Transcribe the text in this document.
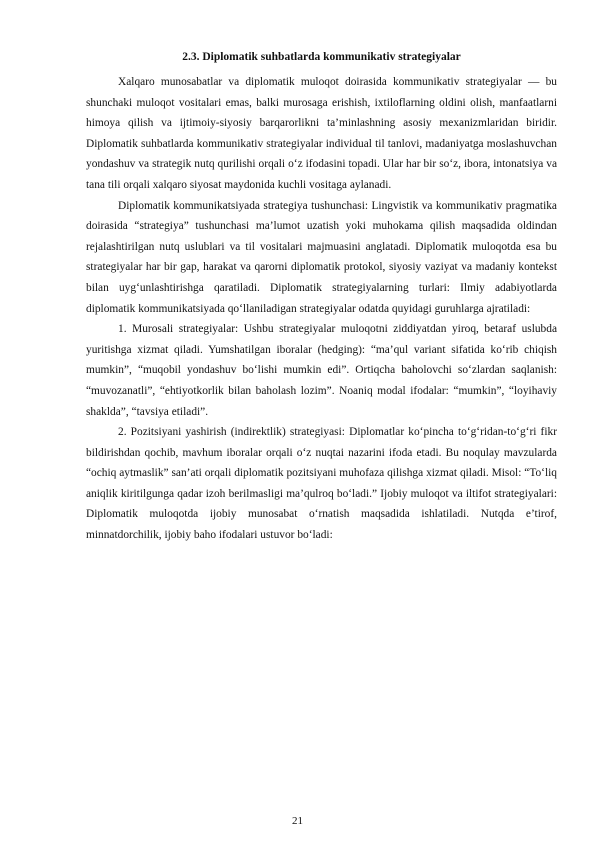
2.3. Diplomatik suhbatlarda kommunikativ strategiyalar

Xalqaro munosabatlar va diplomatik muloqot doirasida kommunikativ strategiyalar — bu shunchaki muloqot vositalari emas, balki murosaga erishish, ixtiloflarning oldini olish, manfaatlarni himoya qilish va ijtimoiy-siyosiy barqarorlikni ta’minlashning asosiy mexanizmlaridan biridir. Diplomatik suhbatlarda kommunikativ strategiyalar individual til tanlovi, madaniyatga moslashuvchan yondashuv va strategik nutq qurilishi orqali o‘z ifodasini topadi. Ular har bir so‘z, ibora, intonatsiya va tana tili orqali xalqaro siyosat maydonida kuchli vositaga aylanadi.

Diplomatik kommunikatsiyada strategiya tushunchasi: Lingvistik va kommunikativ pragmatika doirasida “strategiya” tushunchasi ma’lumot uzatish yoki muhokama qilish maqsadida oldindan rejalashtirilgan nutq uslublari va til vositalari majmuasini anglatadi. Diplomatik muloqotda esa bu strategiyalar har bir gap, harakat va qarorni diplomatik protokol, siyosiy vaziyat va madaniy kontekst bilan uyg‘unlashtirishga qaratiladi. Diplomatik strategiyalarning turlari: Ilmiy adabiyotlarda diplomatik kommunikatsiyada qo‘llaniladigan strategiyalar odatda quyidagi guruhlarga ajratiladi:

1. Murosali strategiyalar: Ushbu strategiyalar muloqotni ziddiyatdan yiroq, betaraf uslubda yuritishga xizmat qiladi. Yumshatilgan iboralar (hedging): “ma’qul variant sifatida ko‘rib chiqish mumkin”, “muqobil yondashuv bo‘lishi mumkin edi”. Ortiqcha baholovchi so‘zlardan saqlanish: “muvozanatli”, “ehtiyotkorlik bilan baholash lozim”. Noaniq modal ifodalar: “mumkin”, “loyihaviy shaklda”, “tavsiya etiladi”.

2. Pozitsiyani yashirish (indirektlik) strategiyasi: Diplomatlar ko‘pincha to‘g‘ridan-to‘g‘ri fikr bildirishdan qochib, mavhum iboralar orqali o‘z nuqtai nazarini ifoda etadi. Bu noqulay mavzularda “ochiq aytmaslik” san’ati orqali diplomatik pozitsiyani muhofaza qilishga xizmat qiladi. Misol: “To‘liq aniqlik kiritilgunga qadar izoh berilmasligi ma’qulroq bo‘ladi.” Ijobiy muloqot va iltifot strategiyalari: Diplomatik muloqotda ijobiy munosabat o‘rnatish maqsadida ishlatiladi. Nutqda e’tirof, minnatdorchilik, ijobiy baho ifodalari ustuvor bo‘ladi:

21
